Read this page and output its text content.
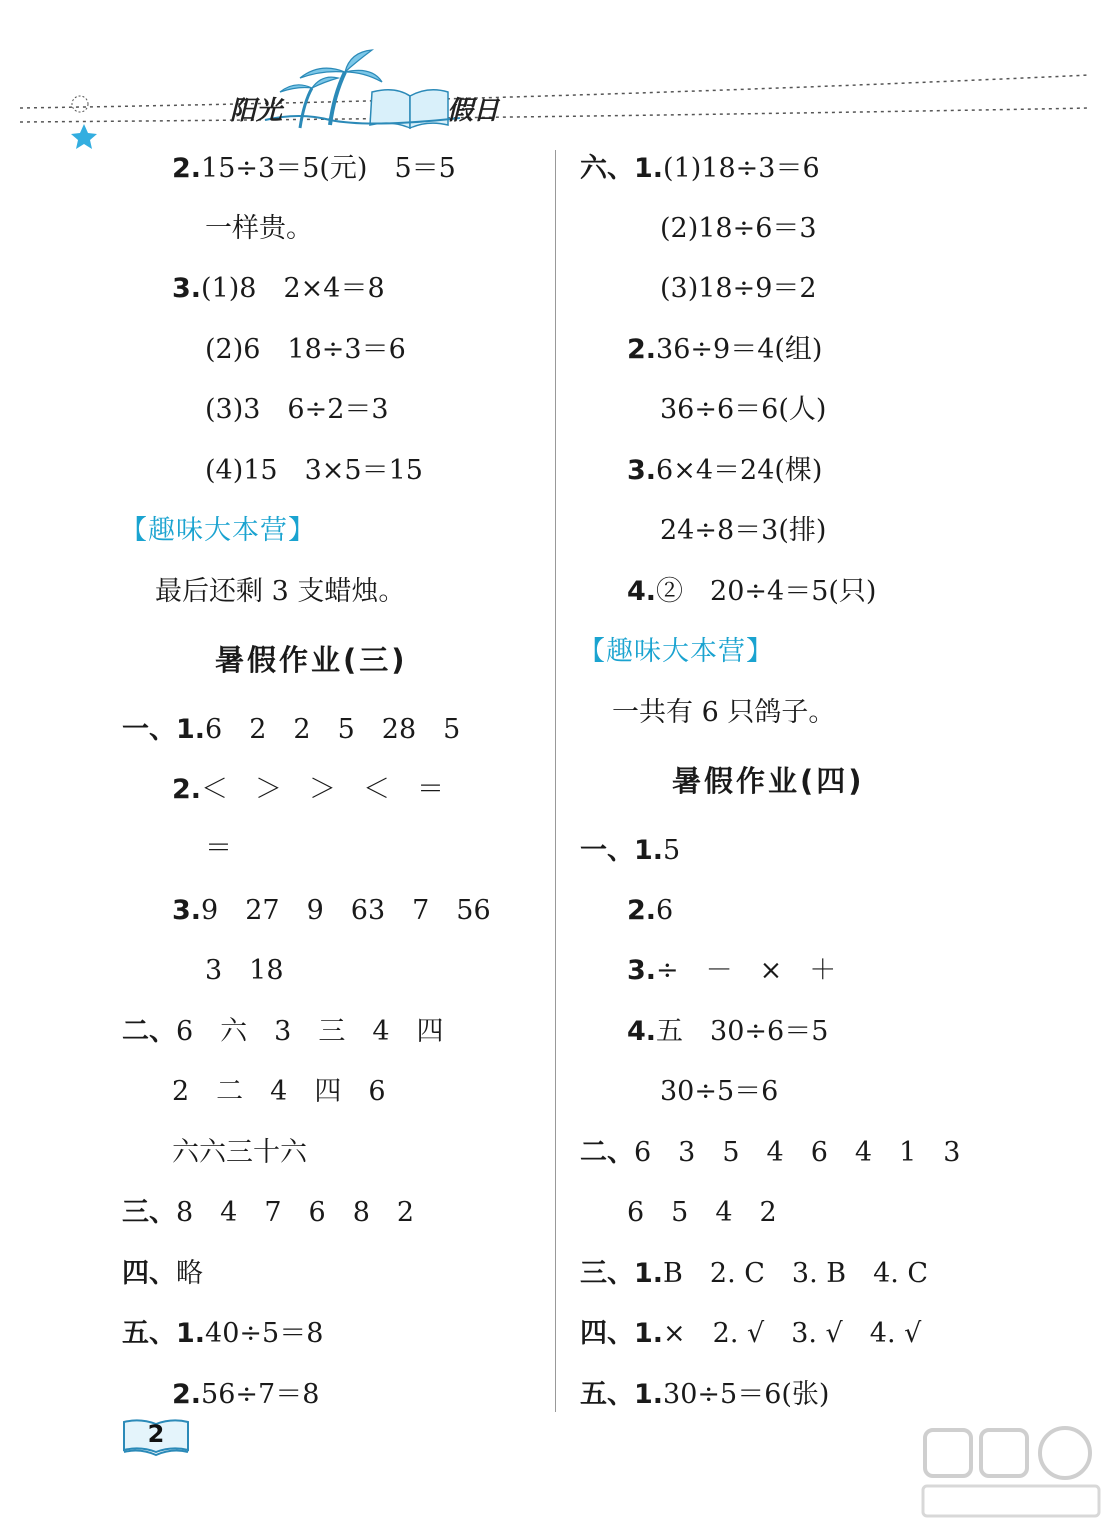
阳光	假日
2.15÷3＝5(元)　5＝5
一样贵。
3.(1)8　2×4＝8
(2)6　18÷3＝6
(3)3　6÷2＝3
(4)15　3×5＝15
【趣味大本营】
最后还剩 3 支蜡烛。
暑假作业(三)
一、1.6　2　2　5　28　5
2.＜　＞　＞　＜　＝
＝
3.9　27　9　63　7　56
3　18
二、6　六　3　三　4　四
2　二　4　四　6
六六三十六
三、8　4　7　6　8　2
四、略
五、1.40÷5＝8
2.56÷7＝8
六、1.(1)18÷3＝6
(2)18÷6＝3
(3)18÷9＝2
2.36÷9＝4(组)
36÷6＝6(人)
3.6×4＝24(棵)
24÷8＝3(排)
4.②　20÷4＝5(只)
【趣味大本营】
一共有 6 只鸽子。
暑假作业(四)
一、1.5
2.6
3.÷　－　×　＋
4.五　30÷6＝5
30÷5＝6
二、6　3　5　4　6　4　1　3
6　5　4　2
三、1.B　2. C　3. B　4. C
四、1.×　2. √　3. √　4. √
五、1.30÷5＝6(张)
2
